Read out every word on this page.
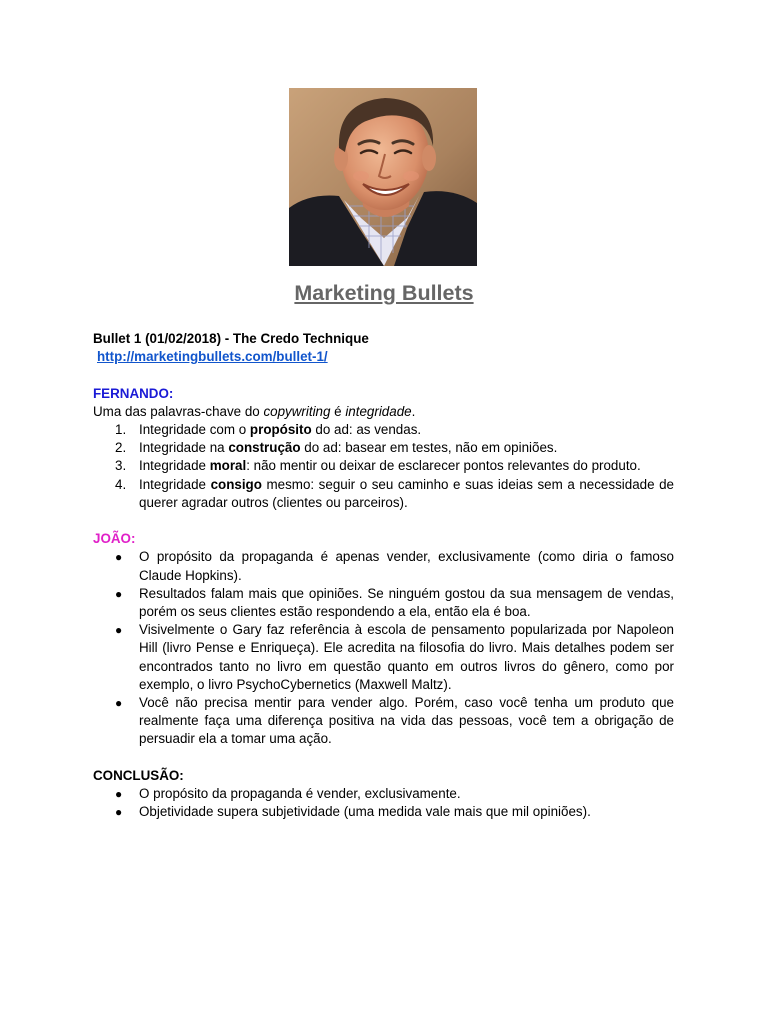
Marketing Bullets

Bullet 1 (01/02/2018) - The Credo Technique

http://marketingbullets.com/bullet-1/

FERNANDO:

Uma das palavras-chave do copywriting é integridade.

1. Integridade com o propósito do ad: as vendas.
2. Integridade na construção do ad: basear em testes, não em opiniões.
3. Integridade moral: não mentir ou deixar de esclarecer pontos relevantes do produto.
4. Integridade consigo mesmo: seguir o seu caminho e suas ideias sem a necessidade de querer agradar outros (clientes ou parceiros).

JOÃO:

● O propósito da propaganda é apenas vender, exclusivamente (como diria o famoso Claude Hopkins).
● Resultados falam mais que opiniões. Se ninguém gostou da sua mensagem de vendas, porém os seus clientes estão respondendo a ela, então ela é boa.
● Visivelmente o Gary faz referência à escola de pensamento popularizada por Napoleon Hill (livro Pense e Enriqueça). Ele acredita na filosofia do livro. Mais detalhes podem ser encontrados tanto no livro em questão quanto em outros livros do gênero, como por exemplo, o livro PsychoCybernetics (Maxwell Maltz).
● Você não precisa mentir para vender algo. Porém, caso você tenha um produto que realmente faça uma diferença positiva na vida das pessoas, você tem a obrigação de persuadir ela a tomar uma ação.

CONCLUSÃO:

● O propósito da propaganda é vender, exclusivamente.
● Objetividade supera subjetividade (uma medida vale mais que mil opiniões).
